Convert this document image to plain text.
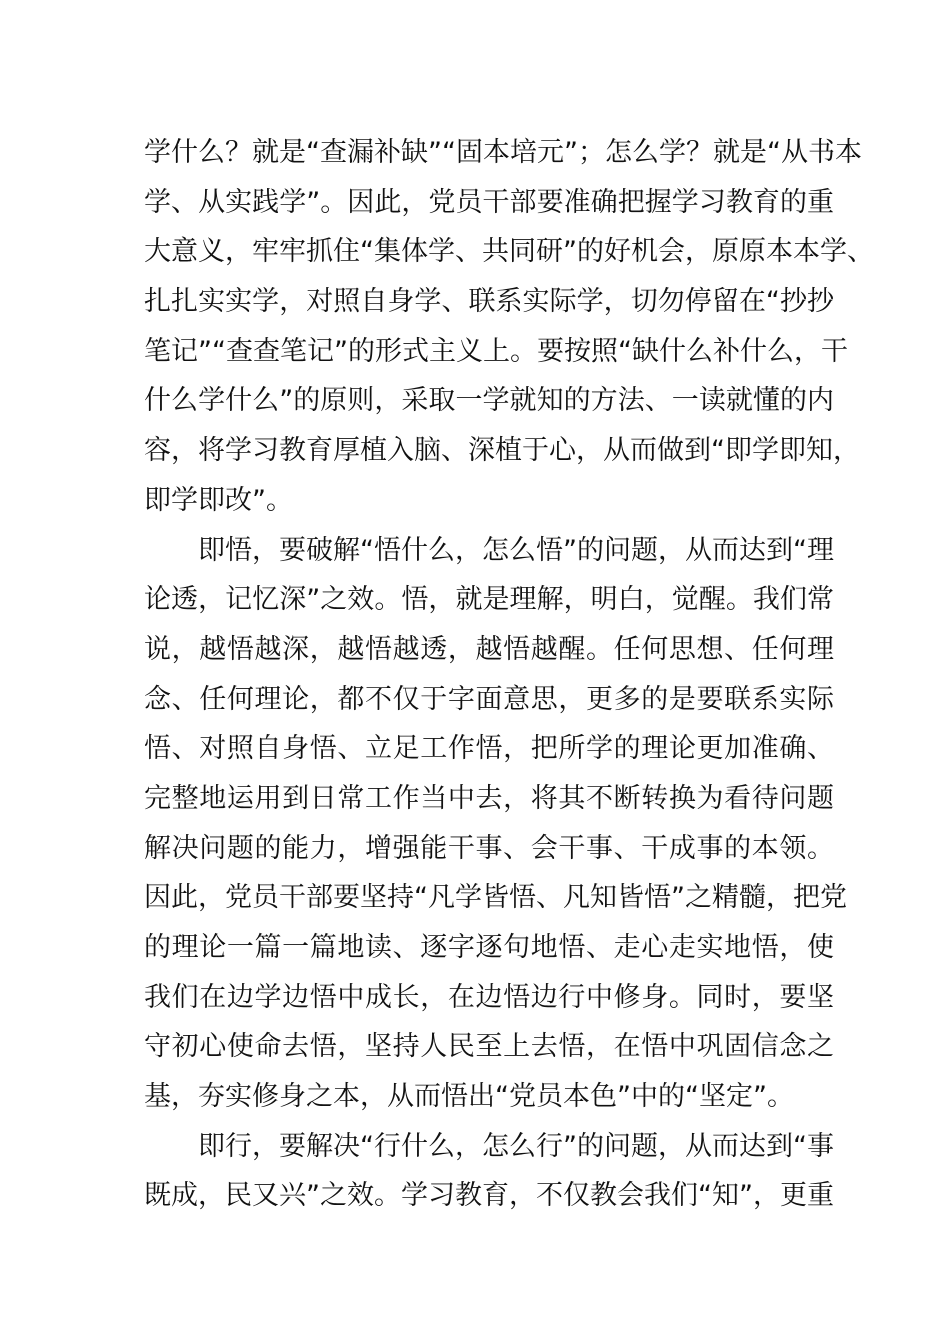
学什么？就是“查漏补缺”“固本培元”；怎么学？就是“从书本
学、从实践学”。因此，党员干部要准确把握学习教育的重
大意义，牢牢抓住“集体学、共同研”的好机会，原原本本学、
扎扎实实学，对照自身学、联系实际学，切勿停留在“抄抄
笔记”“查查笔记”的形式主义上。要按照“缺什么补什么，干
什么学什么”的原则，采取一学就知的方法、一读就懂的内
容，将学习教育厚植入脑、深植于心，从而做到“即学即知，
即学即改”。
　　即悟，要破解“悟什么，怎么悟”的问题，从而达到“理
论透，记忆深”之效。悟，就是理解，明白，觉醒。我们常
说，越悟越深，越悟越透，越悟越醒。任何思想、任何理
念、任何理论，都不仅于字面意思，更多的是要联系实际
悟、对照自身悟、立足工作悟，把所学的理论更加准确、
完整地运用到日常工作当中去，将其不断转换为看待问题
解决问题的能力，增强能干事、会干事、干成事的本领。
因此，党员干部要坚持“凡学皆悟、凡知皆悟”之精髓，把党
的理论一篇一篇地读、逐字逐句地悟、走心走实地悟，使
我们在边学边悟中成长，在边悟边行中修身。同时，要坚
守初心使命去悟，坚持人民至上去悟，在悟中巩固信念之
基，夯实修身之本，从而悟出“党员本色”中的“坚定”。
　　即行，要解决“行什么，怎么行”的问题，从而达到“事
既成，民又兴”之效。学习教育，不仅教会我们“知”，更重
